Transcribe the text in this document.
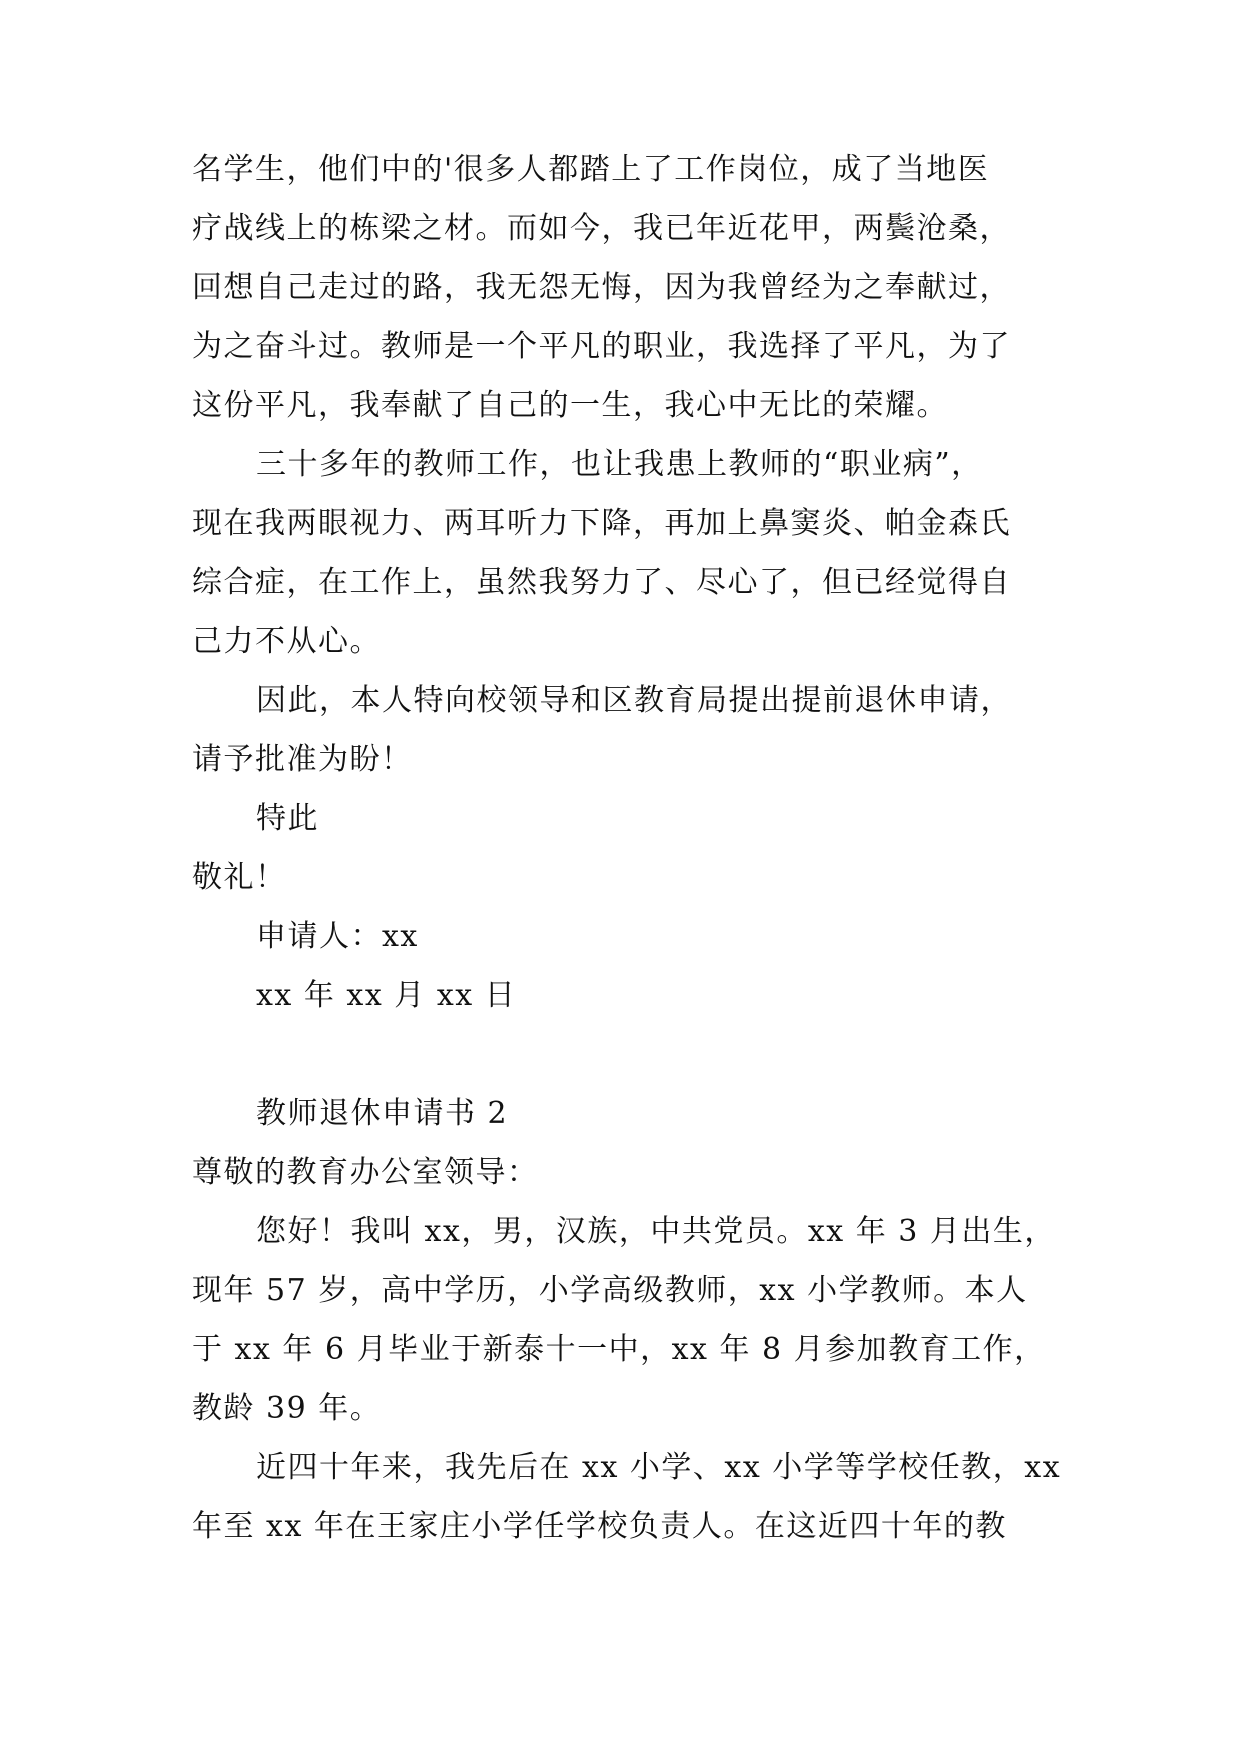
名学生，他们中的'很多人都踏上了工作岗位，成了当地医
疗战线上的栋梁之材。而如今，我已年近花甲，两鬓沧桑，
回想自己走过的路，我无怨无悔，因为我曾经为之奉献过，
为之奋斗过。教师是一个平凡的职业，我选择了平凡，为了
这份平凡，我奉献了自己的一生，我心中无比的荣耀。
三十多年的教师工作，也让我患上教师的“职业病”，
现在我两眼视力、两耳听力下降，再加上鼻窦炎、帕金森氏
综合症，在工作上，虽然我努力了、尽心了，但已经觉得自
己力不从心。
因此，本人特向校领导和区教育局提出提前退休申请，
请予批准为盼！
特此
敬礼！
申请人：xx
xx 年 xx 月 xx 日
教师退休申请书 2
尊敬的教育办公室领导：
您好！我叫 xx，男，汉族，中共党员。xx 年 3 月出生，
现年 57 岁，高中学历，小学高级教师，xx 小学教师。本人
于 xx 年 6 月毕业于新泰十一中，xx 年 8 月参加教育工作，
教龄 39 年。
近四十年来，我先后在 xx 小学、xx 小学等学校任教，xx
年至 xx 年在王家庄小学任学校负责人。在这近四十年的教
